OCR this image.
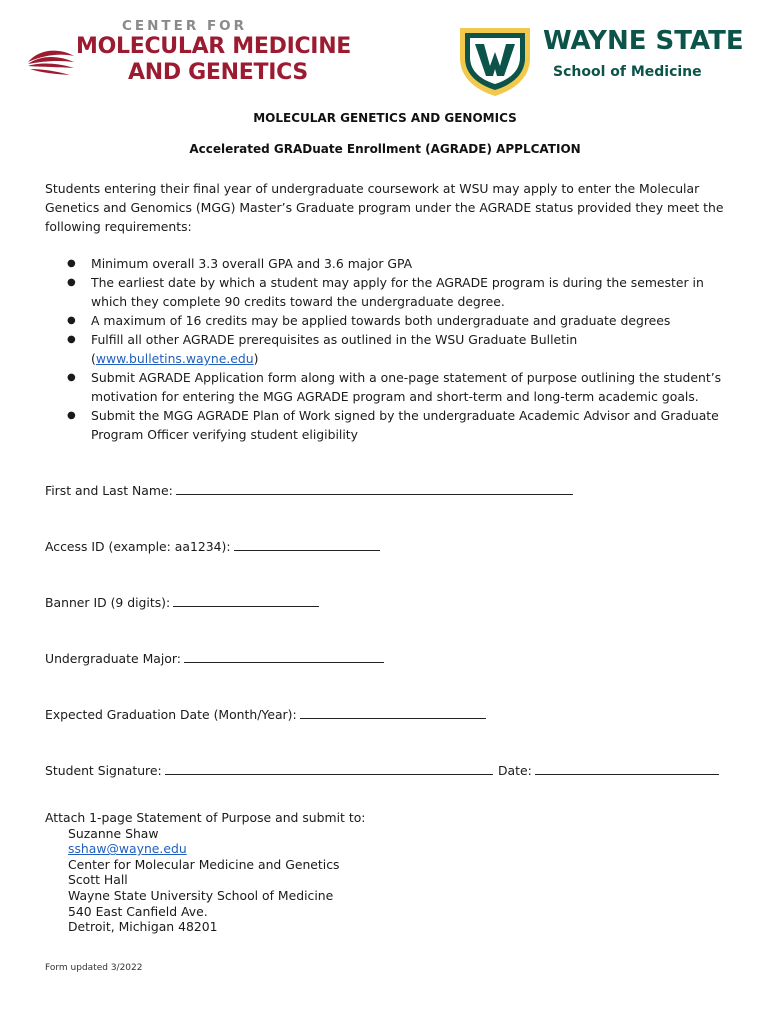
CENTER FOR
MOLECULAR MEDICINE
AND GENETICS
WAYNE STATE
School of Medicine
MOLECULAR GENETICS AND GENOMICS
Accelerated GRADuate Enrollment (AGRADE) APPLCATION
Students entering their final year of undergraduate coursework at WSU may apply to enter the Molecular
Genetics and Genomics (MGG) Master’s Graduate program under the AGRADE status provided they meet the
following requirements:
● Minimum overall 3.3 overall GPA and 3.6 major GPA
● The earliest date by which a student may apply for the AGRADE program is during the semester in
which they complete 90 credits toward the undergraduate degree.
● A maximum of 16 credits may be applied towards both undergraduate and graduate degrees
● Fulfill all other AGRADE prerequisites as outlined in the WSU Graduate Bulletin
(www.bulletins.wayne.edu)
● Submit AGRADE Application form along with a one-page statement of purpose outlining the student’s
motivation for entering the MGG AGRADE program and short-term and long-term academic goals.
● Submit the MGG AGRADE Plan of Work signed by the undergraduate Academic Advisor and Graduate
Program Officer verifying student eligibility
First and Last Name:
Access ID (example: aa1234):
Banner ID (9 digits):
Undergraduate Major:
Expected Graduation Date (Month/Year):
Student Signature:	Date:
Attach 1-page Statement of Purpose and submit to:
Suzanne Shaw
sshaw@wayne.edu
Center for Molecular Medicine and Genetics
Scott Hall
Wayne State University School of Medicine
540 East Canfield Ave.
Detroit, Michigan 48201
Form updated 3/2022
